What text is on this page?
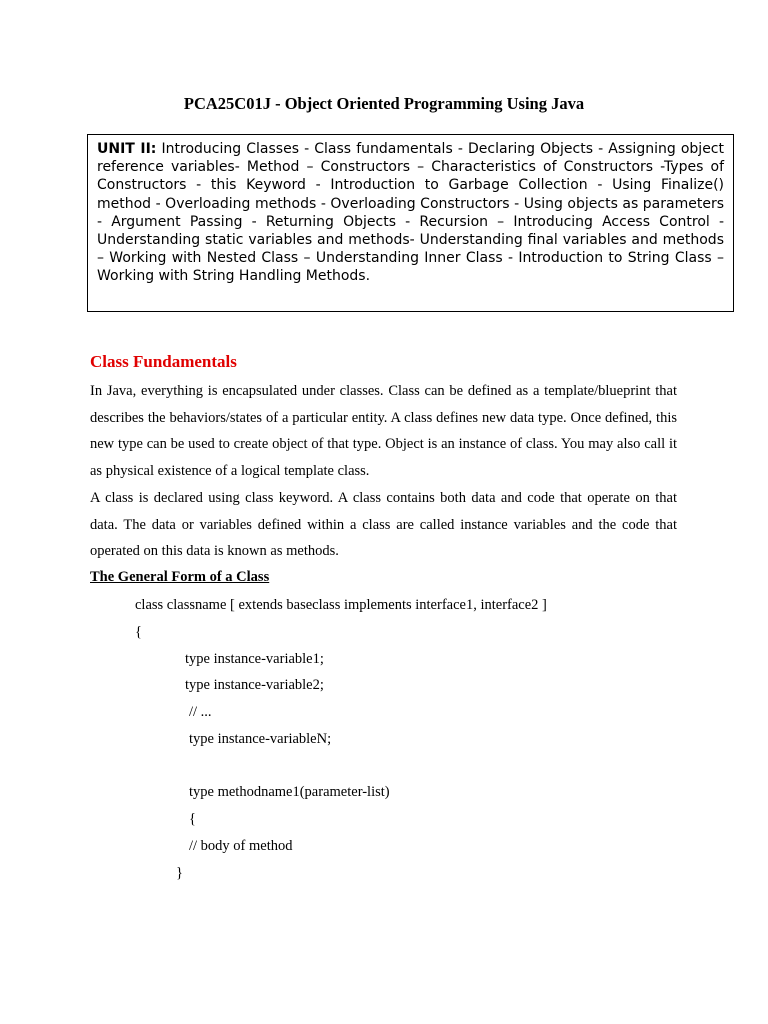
PCA25C01J - Object Oriented Programming Using Java
UNIT II: Introducing Classes - Class fundamentals - Declaring Objects - Assigning object reference variables- Method – Constructors – Characteristics of Constructors -Types of Constructors - this Keyword - Introduction to Garbage Collection - Using Finalize() method - Overloading methods - Overloading Constructors - Using objects as parameters - Argument Passing - Returning Objects - Recursion – Introducing Access Control - Understanding static variables and methods- Understanding final variables and methods – Working with Nested Class – Understanding Inner Class - Introduction to String Class – Working with String Handling Methods.
Class Fundamentals
In Java, everything is encapsulated under classes. Class can be defined as a template/blueprint that describes the behaviors/states of a particular entity. A class defines new data type. Once defined, this new type can be used to create object of that type. Object is an instance of class. You may also call it as physical existence of a logical template class.
A class is declared using class keyword. A class contains both data and code that operate on that data. The data or variables defined within a class are called instance variables and the code that operated on this data is known as methods.
The General Form of a Class
class classname [ extends baseclass implements interface1, interface2 ]
{
type instance-variable1;
type instance-variable2;
// ...
type instance-variableN;
type methodname1(parameter-list)
{
// body of method
}
